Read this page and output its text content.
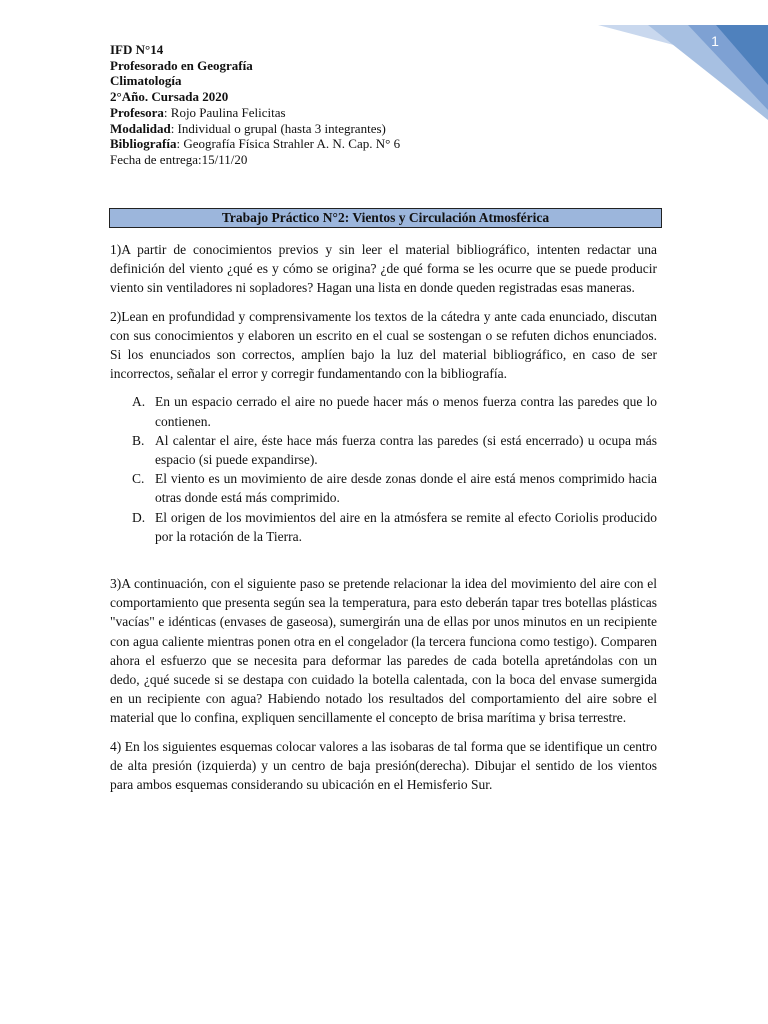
1
IFD N°14
Profesorado en Geografía
Climatología
2°Año. Cursada 2020
Profesora: Rojo Paulina Felicitas
Modalidad: Individual o grupal (hasta 3 integrantes)
Bibliografía: Geografía Física Strahler A. N. Cap. N° 6
Fecha de entrega:15/11/20
Trabajo Práctico N°2: Vientos y Circulación Atmosférica

1)A partir de conocimientos previos y sin leer el material bibliográfico, intenten redactar una definición del viento ¿qué es y cómo se origina? ¿de qué forma se les ocurre que se puede producir viento sin ventiladores ni sopladores? Hagan una lista en donde queden registradas esas maneras.

2)Lean en profundidad y comprensivamente los textos de la cátedra y ante cada enunciado, discutan con sus conocimientos y elaboren un escrito en el cual se sostengan o se refuten dichos enunciados. Si los enunciados son correctos, amplíen bajo la luz del material bibliográfico, en caso de ser incorrectos, señalar el error y corregir fundamentando con la bibliografía.

A. En un espacio cerrado el aire no puede hacer más o menos fuerza contra las paredes que lo contienen.
B. Al calentar el aire, éste hace más fuerza contra las paredes (si está encerrado) u ocupa más espacio (si puede expandirse).
C. El viento es un movimiento de aire desde zonas donde el aire está menos comprimido hacia otras donde está más comprimido.
D. El origen de los movimientos del aire en la atmósfera se remite al efecto Coriolis producido por la rotación de la Tierra.

3)A continuación, con el siguiente paso se pretende relacionar la idea del movimiento del aire con el comportamiento que presenta según sea la temperatura, para esto deberán tapar tres botellas plásticas "vacías" e idénticas (envases de gaseosa), sumergirán una de ellas por unos minutos en un recipiente con agua caliente mientras ponen otra en el congelador (la tercera funciona como testigo). Comparen ahora el esfuerzo que se necesita para deformar las paredes de cada botella apretándolas con un dedo, ¿qué sucede si se destapa con cuidado la botella calentada, con la boca del envase sumergida en un recipiente con agua? Habiendo notado los resultados del comportamiento del aire sobre el material que lo confina, expliquen sencillamente el concepto de brisa marítima y brisa terrestre.

4) En los siguientes esquemas colocar valores a las isobaras de tal forma que se identifique un centro de alta presión (izquierda) y un centro de baja presión(derecha). Dibujar el sentido de los vientos para ambos esquemas considerando su ubicación en el Hemisferio Sur.
